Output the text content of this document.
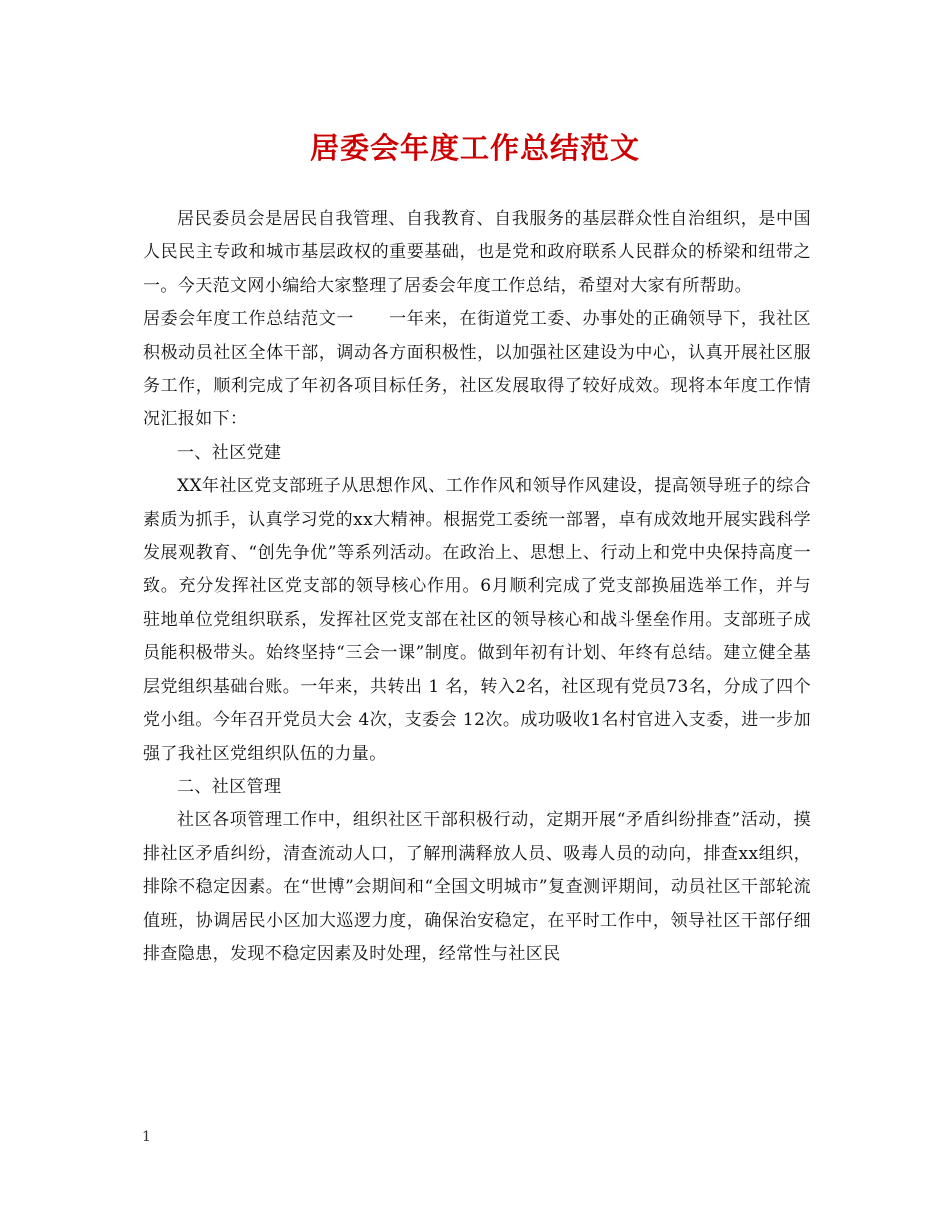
居委会年度工作总结范文

居民委员会是居民自我管理、自我教育、自我服务的基层群众性自治组织，是中国人民民主专政和城市基层政权的重要基础，也是党和政府联系人民群众的桥梁和纽带之一。今天范文网小编给大家整理了居委会年度工作总结，希望对大家有所帮助。

居委会年度工作总结范文一　　一年来，在街道党工委、办事处的正确领导下，我社区积极动员社区全体干部，调动各方面积极性，以加强社区建设为中心，认真开展社区服务工作，顺利完成了年初各项目标任务，社区发展取得了较好成效。现将本年度工作情况汇报如下：

一、社区党建

XX年社区党支部班子从思想作风、工作作风和领导作风建设，提高领导班子的综合素质为抓手，认真学习党的xx大精神。根据党工委统一部署，卓有成效地开展实践科学发展观教育、“创先争优”等系列活动。在政治上、思想上、行动上和党中央保持高度一致。充分发挥社区党支部的领导核心作用。6月顺利完成了党支部换届选举工作，并与驻地单位党组织联系，发挥社区党支部在社区的领导核心和战斗堡垒作用。支部班子成员能积极带头。始终坚持“三会一课”制度。做到年初有计划、年终有总结。建立健全基层党组织基础台账。一年来，共转出 1 名，转入2名，社区现有党员73名，分成了四个党小组。今年召开党员大会 4次，支委会 12次。成功吸收1名村官进入支委，进一步加强了我社区党组织队伍的力量。

二、社区管理

社区各项管理工作中，组织社区干部积极行动，定期开展“矛盾纠纷排查”活动，摸排社区矛盾纠纷，清查流动人口，了解刑满释放人员、吸毒人员的动向，排查xx组织，排除不稳定因素。在“世博”会期间和“全国文明城市”复查测评期间，动员社区干部轮流值班，协调居民小区加大巡逻力度，确保治安稳定，在平时工作中，领导社区干部仔细排查隐患，发现不稳定因素及时处理，经常性与社区民

1
